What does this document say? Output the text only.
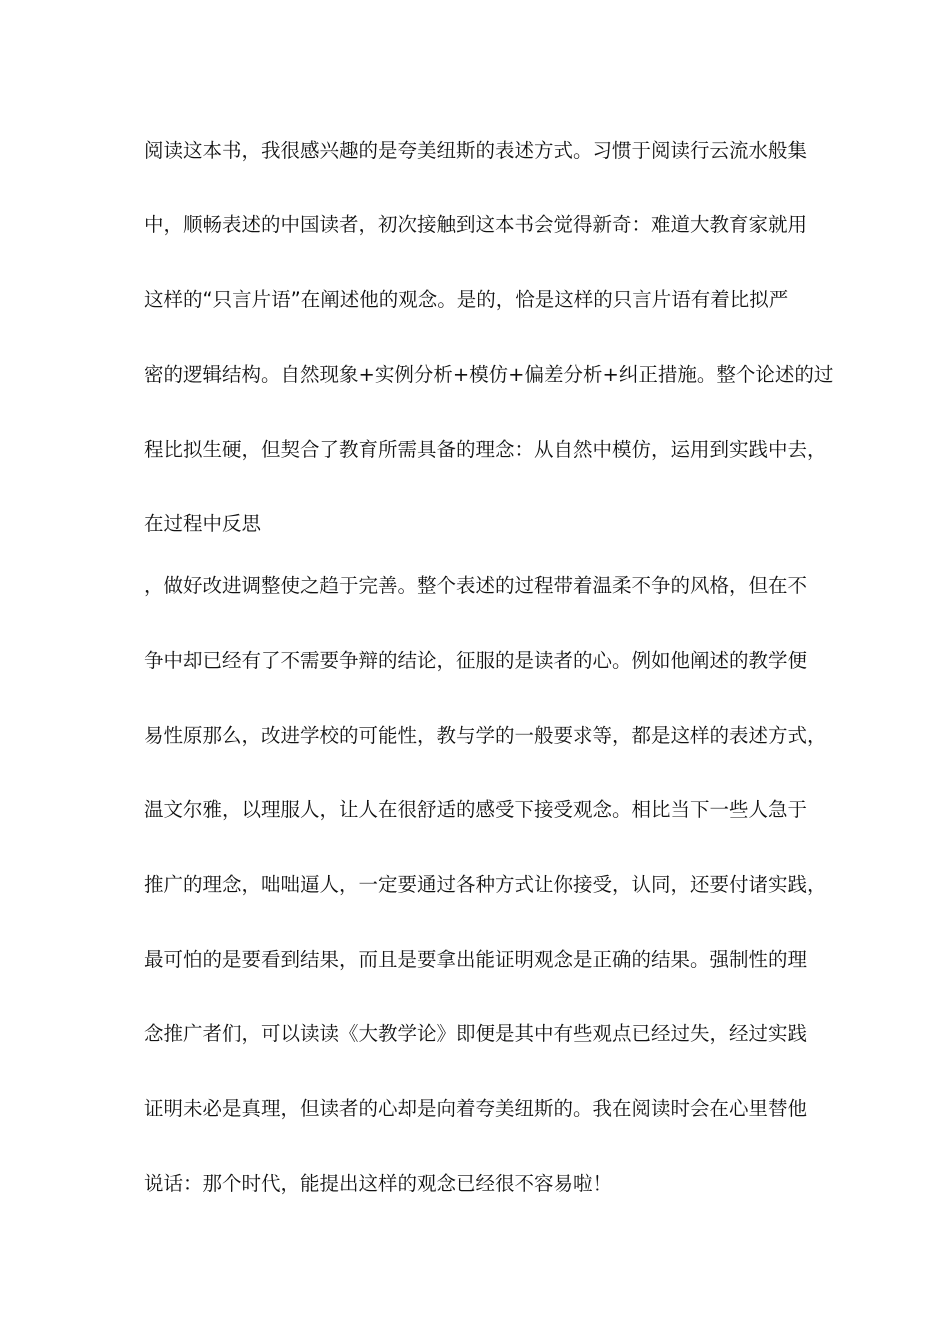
阅读这本书，我很感兴趣的是夸美纽斯的表述方式。习惯于阅读行云流水般集
中，顺畅表述的中国读者，初次接触到这本书会觉得新奇：难道大教育家就用
这样的“只言片语”在阐述他的观念。是的，恰是这样的只言片语有着比拟严
密的逻辑结构。自然现象+实例分析+模仿+偏差分析+纠正措施。整个论述的过
程比拟生硬，但契合了教育所需具备的理念：从自然中模仿，运用到实践中去，
在过程中反思
，做好改进调整使之趋于完善。整个表述的过程带着温柔不争的风格，但在不
争中却已经有了不需要争辩的结论，征服的是读者的心。例如他阐述的教学便
易性原那么，改进学校的可能性，教与学的一般要求等，都是这样的表述方式，
温文尔雅，以理服人，让人在很舒适的感受下接受观念。相比当下一些人急于
推广的理念，咄咄逼人，一定要通过各种方式让你接受，认同，还要付诸实践，
最可怕的是要看到结果，而且是要拿出能证明观念是正确的结果。强制性的理
念推广者们，可以读读《大教学论》即便是其中有些观点已经过失，经过实践
证明未必是真理，但读者的心却是向着夸美纽斯的。我在阅读时会在心里替他
说话：那个时代，能提出这样的观念已经很不容易啦！
